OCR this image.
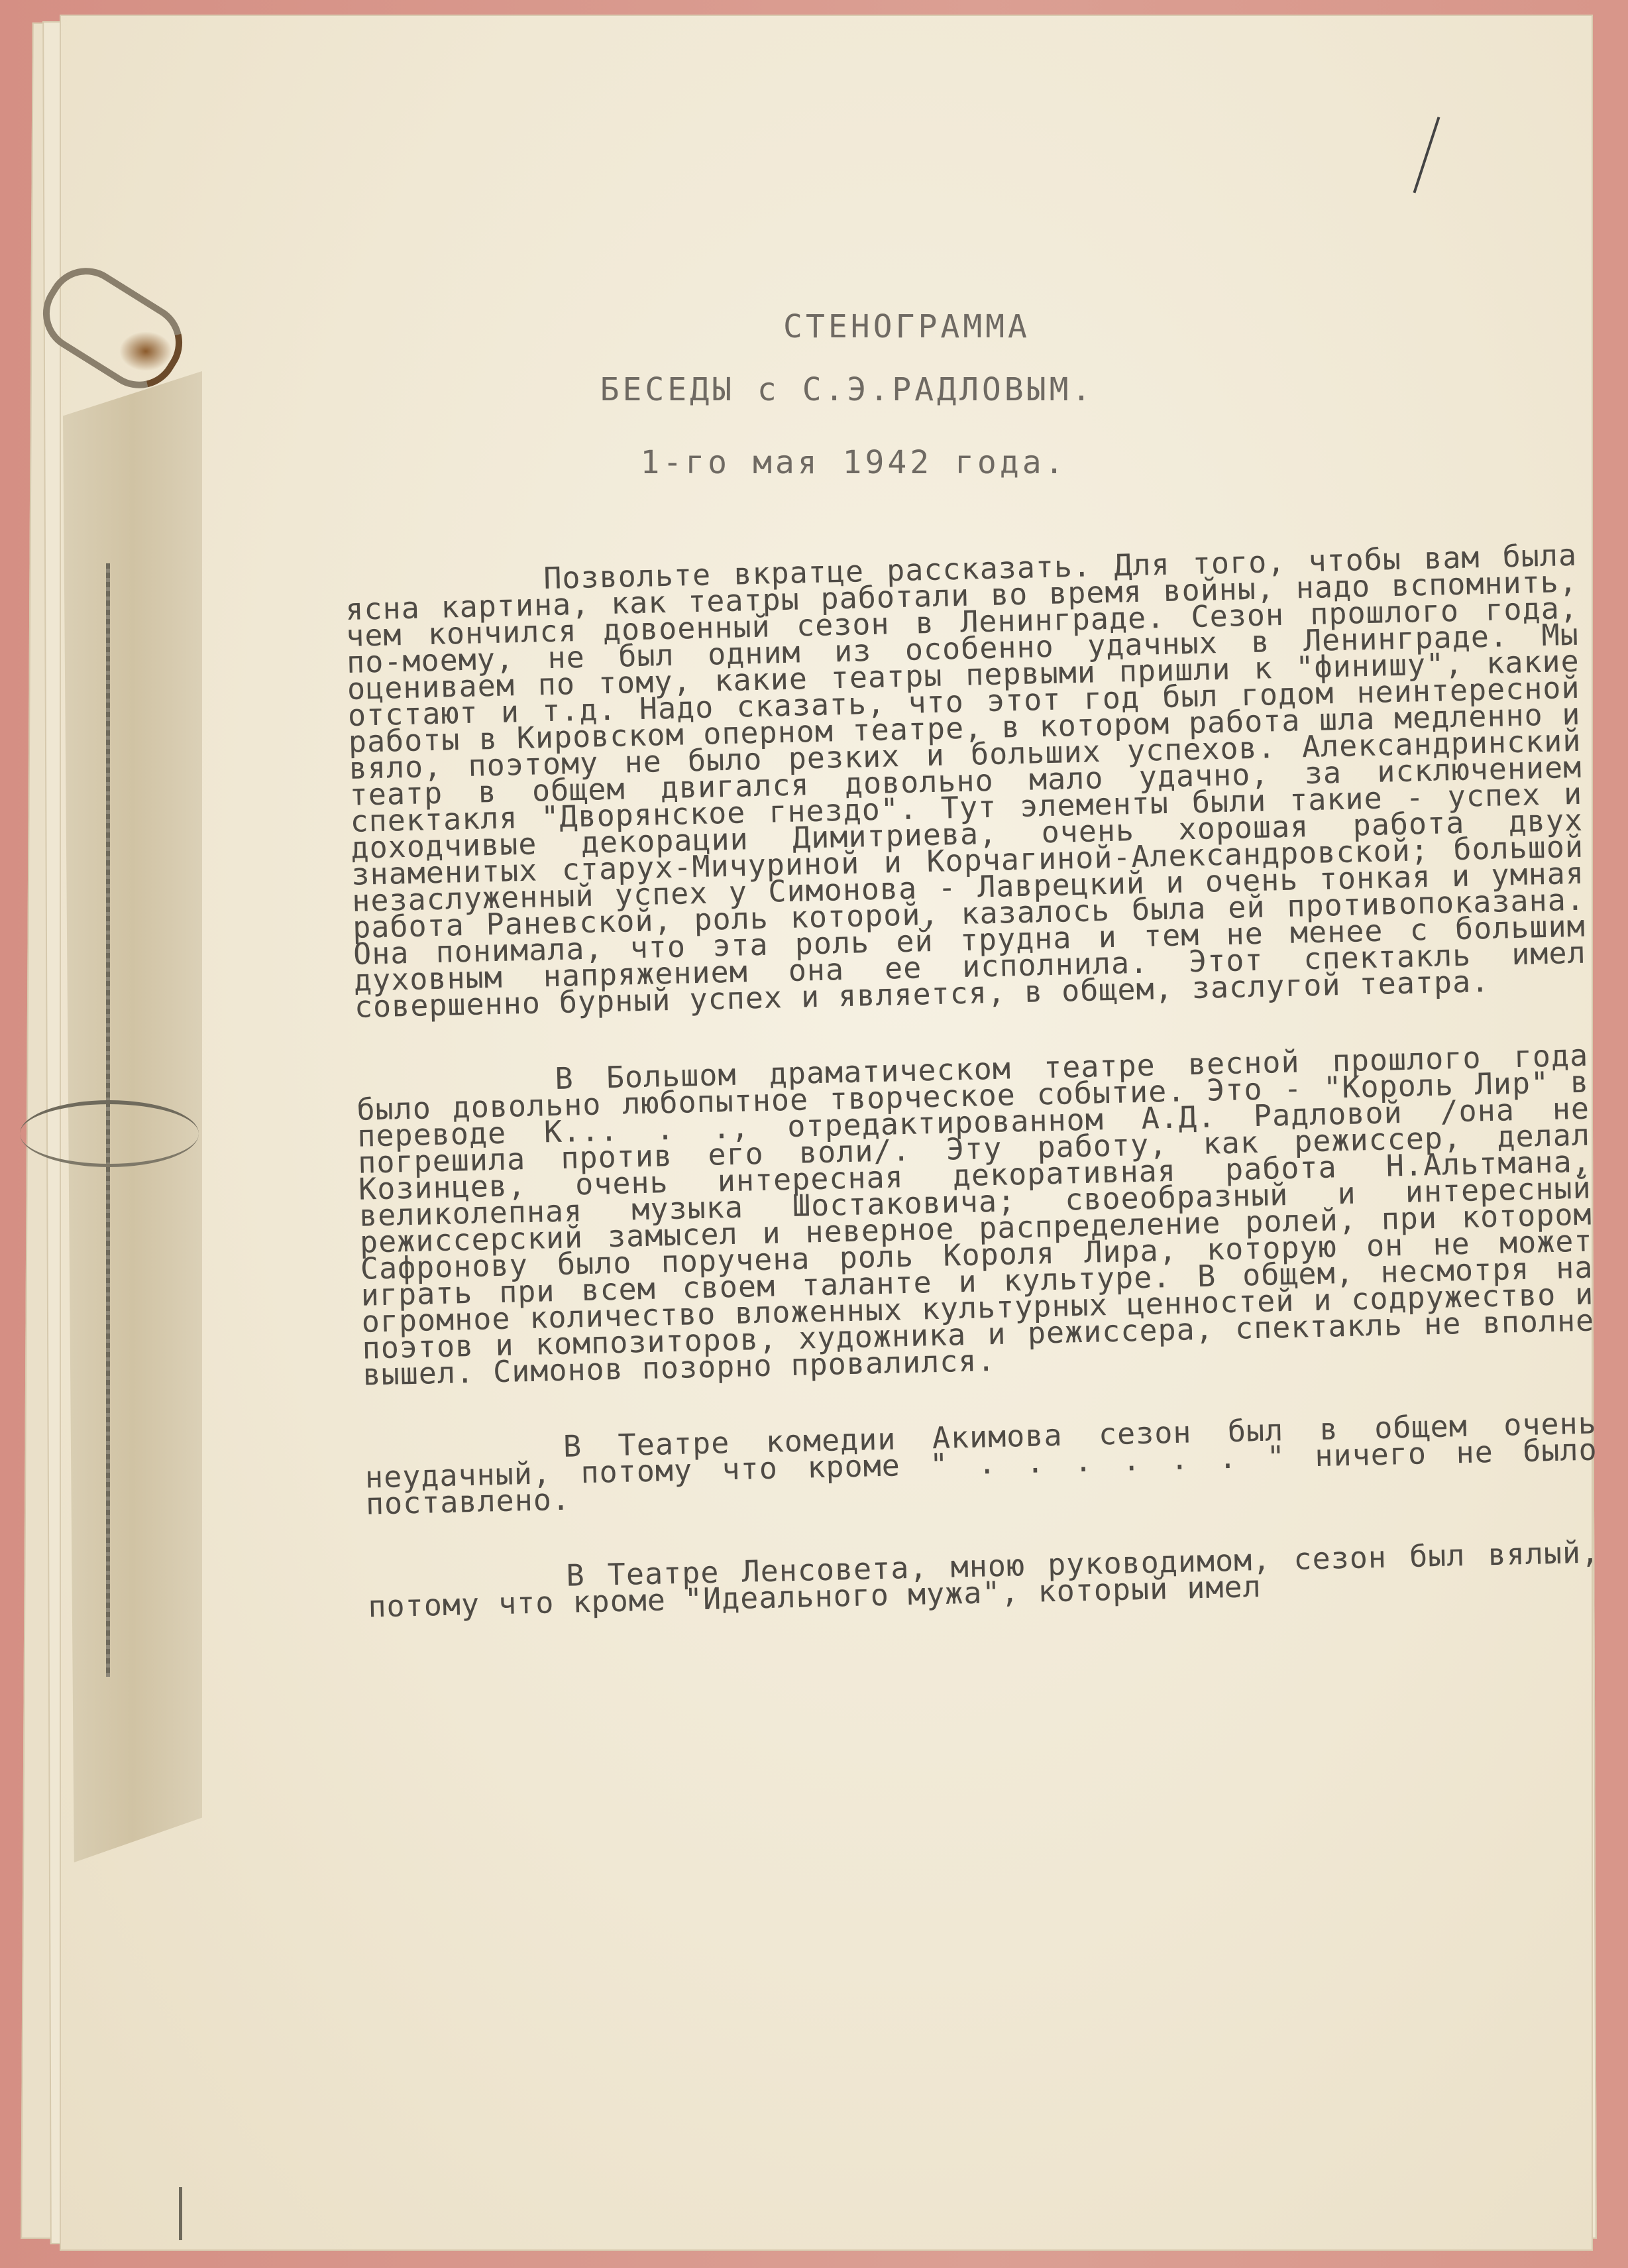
СТЕНОГРАММА
БЕСЕДЫ с С.Э.РАДЛОВЫМ.
1-го мая 1942 года.

Позвольте вкратце рассказать. Для того, чтобы вам была ясна картина, как театры работали во время войны, надо вспомнить, чем кончился довоенный сезон в Ленинграде. Сезон прошлого года, по-моему, не был одним из особенно удачных в Ленинграде. Мы оцениваем по тому, какие театры первыми пришли к "финишу", какие отстают и т.д. Надо сказать, что этот год был годом неинтересной работы в Кировском оперном театре, в котором работа шла медленно и вяло, поэтому не было резких и больших успехов. Александринский театр в общем двигался довольно мало удачно, за исключением спектакля "Дворянское гнездо". Тут элементы были такие - успех и доходчивые декорации Димитриева, очень хорошая работа двух знаменитых старух-Мичуриной и Корчагиной-Александровской; большой незаслуженный успех у Симонова - Лаврецкий и очень тонкая и умная работа Раневской, роль которой, казалось была ей противопоказана. Она понимала, что эта роль ей трудна и тем не менее с большим духовным напряжением она ее исполнила. Этот спектакль имел совершенно бурный успех и является, в общем, заслугой театра.

В Большом драматическом театре весной прошлого года было довольно любопытное творческое событие. Это - "Король Лир" в переводе К... . ., отредактированном А.Д. Радловой /она не погрешила против его воли/. Эту работу, как режиссер, делал Козинцев, очень интересная декоративная работа Н.Альтмана, великолепная музыка Шостаковича; своеобразный и интересный режиссерский замысел и неверное распределение ролей, при котором Сафронову было поручена роль Короля Лира, которую он не может играть при всем своем таланте и культуре. В общем, несмотря на огромное количество вложенных культурных ценностей и содружество и поэтов и композиторов, художника и режиссера, спектакль не вполне вышел. Симонов позорно провалился.

В Театре комедии Акимова сезон был в общем очень неудачный, потому что кроме " . . . . . . " ничего не было поставлено.

В Театре Ленсовета, мною руководимом, сезон был вялый, потому что кроме "Идеального мужа", который имел
